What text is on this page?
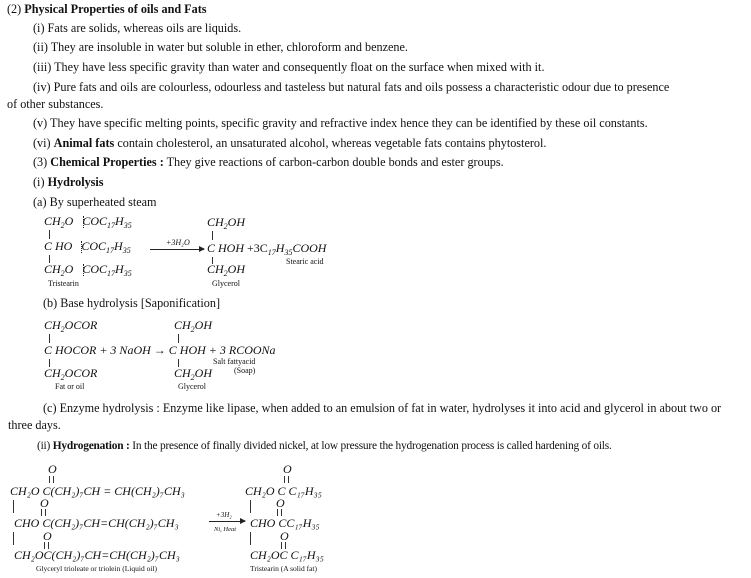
(2) Physical Properties of oils and Fats
(i) Fats are solids, whereas oils are liquids.
(ii) They are insoluble in water but soluble in ether, chloroform and benzene.
(iii) They have less specific gravity than water and consequently float on the surface when mixed with it.
(iv) Pure fats and oils are colourless, odourless and tasteless but natural fats and oils possess a characteristic odour due to presence
of other substances.
(v) They have specific melting points, specific gravity and refractive index hence they can be identified by these oil constants.
(vi) Animal fats contain cholesterol, an unsaturated alcohol, whereas vegetable fats contains phytosterol.
(3) Chemical Properties : They give reactions of carbon-carbon double bonds and ester groups.
(i) Hydrolysis
(a) By superheated steam
$CH_2O$ $COC_{17}H_{35}$
C HO $COC_{17}H_{35}$
$CH_2O$ $COC_{17}H_{35}$
Tristearin
+3H₂O
$CH_2OH$
C HOH $+3C_{17}H_{35}COOH$
$CH_2OH$
Glycerol
Stearic acid
(b) Base hydrolysis [Saponification]
$CH_2OCOR$
C HOCOR + 3 NaOH → C HOH + 3 RCOONa
$CH_2OCOR$
Fat or oil
$CH_2OH$
$CH_2OH$
Glycerol
Salt fattyacid
(Soap)
(c) Enzyme hydrolysis : Enzyme like lipase, when added to an emulsion of fat in water, hydrolyses it into acid and glycerol in about two or three days.
(ii) Hydrogenation : In the presence of finally divided nickel, at low pressure the hydrogenation process is called hardening of oils.
O
CH₂O C(CH₂)₇CH = CH(CH₂)₇CH₃
O
CHO C(CH₂)₇CH=CH(CH₂)₇CH₃
O
CH₂OC(CH₂)₇CH=CH(CH₂)₇CH₃
Glyceryl trioleate or triolein (Liquid oil)
+3H₂
Ni, Heat
O
CH₂O C C₁₇H₃₅
O
CHO CC₁₇H₃₅
O
CH₂OC C₁₇H₃₅
Tristearin (A solid fat)
